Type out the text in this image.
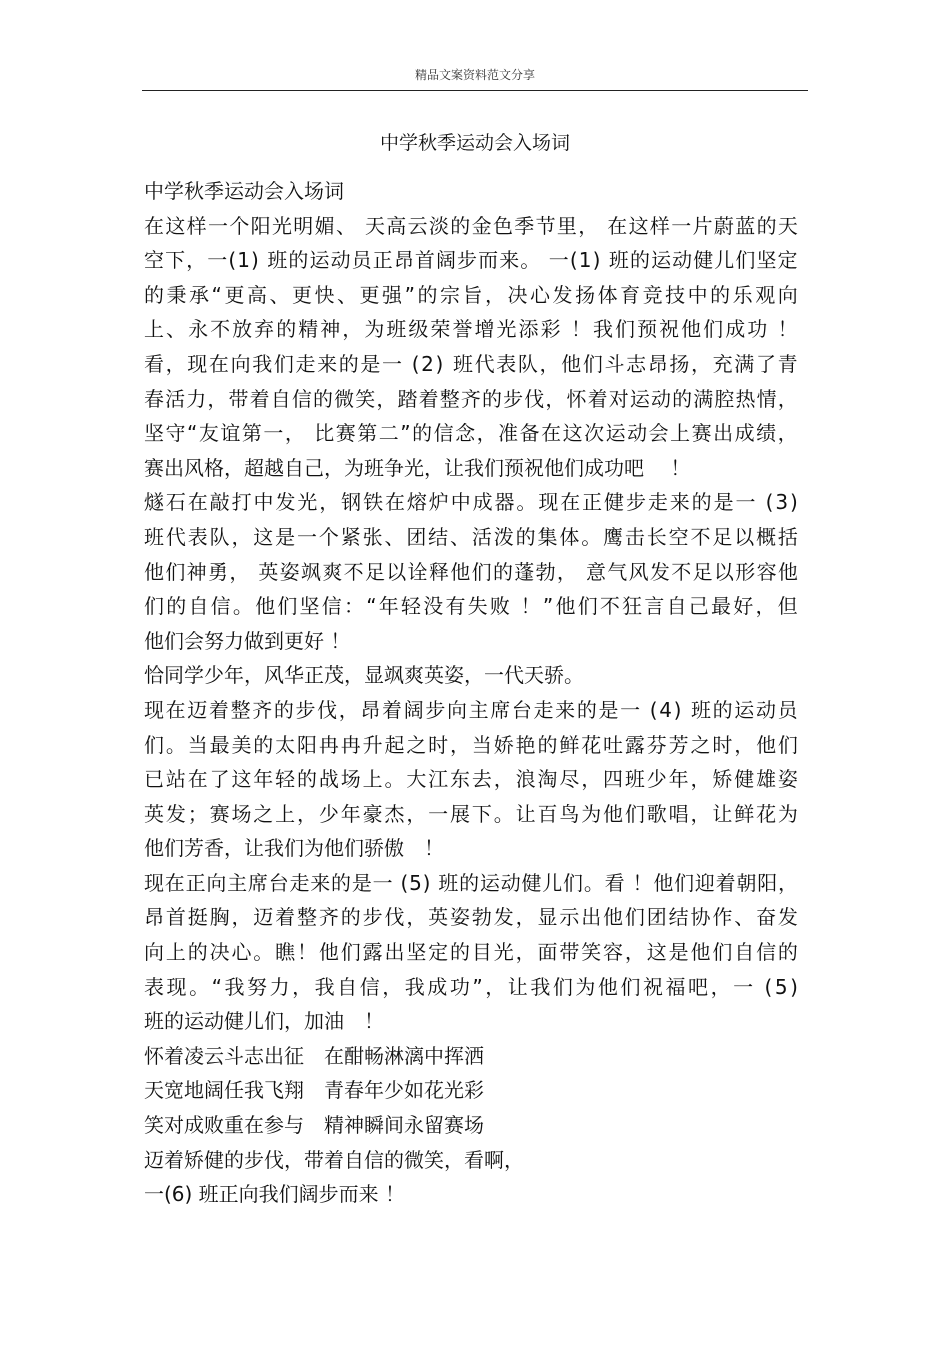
精品文案资料范文分享
中学秋季运动会入场词
中学秋季运动会入场词
在 这 样 一 个 阳 光 明 媚 、
天 高 云 淡 的 金 色 季 节 里 ，
在 这 样 一 片 蔚 蓝 的 天
空 下 ， 一 ( 1 )
班 的 运 动 员 正 昂 首 阔 步 而 来 。
一 ( 1 )
班 的 运 动 健 儿 们 坚 定
的 秉 承 “ 更 高 、 更 快 、 更 强 ” 的 宗 旨 ， 决 心 发 扬 体 育 竞 技 中 的 乐 观 向
上 、 永 不 放 弃 的 精 神 ， 为 班 级 荣 誉 增 光 添 彩
！ 我 们 预 祝 他 们 成 功
！
看 ， 现 在 向 我 们 走 来 的 是 一
( 2 )
班 代 表 队 ， 他 们 斗 志 昂 扬 ， 充 满 了 青
春 活 力 ， 带 着 自 信 的 微 笑 ， 踏 着 整 齐 的 步 伐 ， 怀 着 对 运 动 的 满 腔 热 情 ，
坚 守 “ 友 谊 第 一 ，
比 赛 第 二 ” 的 信 念 ， 准 备 在 这 次 运 动 会 上 赛 出 成 绩 ，
赛出风格，超越自己，为班争光，让我们预祝他们成功吧　 ！
燧 石 在 敲 打 中 发 光 ， 钢 铁 在 熔 炉 中 成 器 。 现 在 正 健 步 走 来 的 是 一
( 3 )
班 代 表 队 ， 这 是 一 个 紧 张 、 团 结 、 活 泼 的 集 体 。 鹰 击 长 空 不 足 以 概 括
他 们 神 勇 ，
英 姿 飒 爽 不 足 以 诠 释 他 们 的 蓬 勃 ，
意 气 风 发 不 足 以 形 容 他
们 的 自 信 。 他 们 坚 信 ： “ 年 轻 没 有 失 败
！ ” 他 们 不 狂 言 自 己 最 好 ， 但
他们会努力做到更好 ！
恰同学少年，风华正茂，显飒爽英姿，一代天骄。
现 在 迈 着 整 齐 的 步 伐 ， 昂 着 阔 步 向 主 席 台 走 来 的 是 一
( 4 )
班 的 运 动 员
们 。 当 最 美 的 太 阳 冉 冉 升 起 之 时 ， 当 娇 艳 的 鲜 花 吐 露 芬 芳 之 时 ， 他 们
已 站 在 了 这 年 轻 的 战 场 上 。 大 江 东 去 ， 浪 淘 尽 ， 四 班 少 年 ， 矫 健 雄 姿
英 发 ； 赛 场 之 上 ， 少 年 豪 杰 ， 一 展 下 。 让 百 鸟 为 他 们 歌 唱 ， 让 鲜 花 为
他们芳香，让我们为他们骄傲　！
现 在 正 向 主 席 台 走 来 的 是 一
( 5 )
班 的 运 动 健 儿 们 。 看
！ 他 们 迎 着 朝 阳 ，
昂 首 挺 胸 ， 迈 着 整 齐 的 步 伐 ， 英 姿 勃 发 ， 显 示 出 他 们 团 结 协 作 、 奋 发
向 上 的 决 心 。 瞧 ！ 他 们 露 出 坚 定 的 目 光 ， 面 带 笑 容 ， 这 是 他 们 自 信 的
表 现 。 “ 我 努 力 ， 我 自 信 ， 我 成 功 ” ， 让 我 们 为 他 们 祝 福 吧 ， 一
( 5 )
班的运动健儿们，加油　！
怀着凌云斗志出征　在酣畅淋漓中挥洒
天宽地阔任我飞翔　青春年少如花光彩
笑对成败重在参与　精神瞬间永留赛场
迈着矫健的步伐，带着自信的微笑，看啊，
一(6) 班正向我们阔步而来 ！
